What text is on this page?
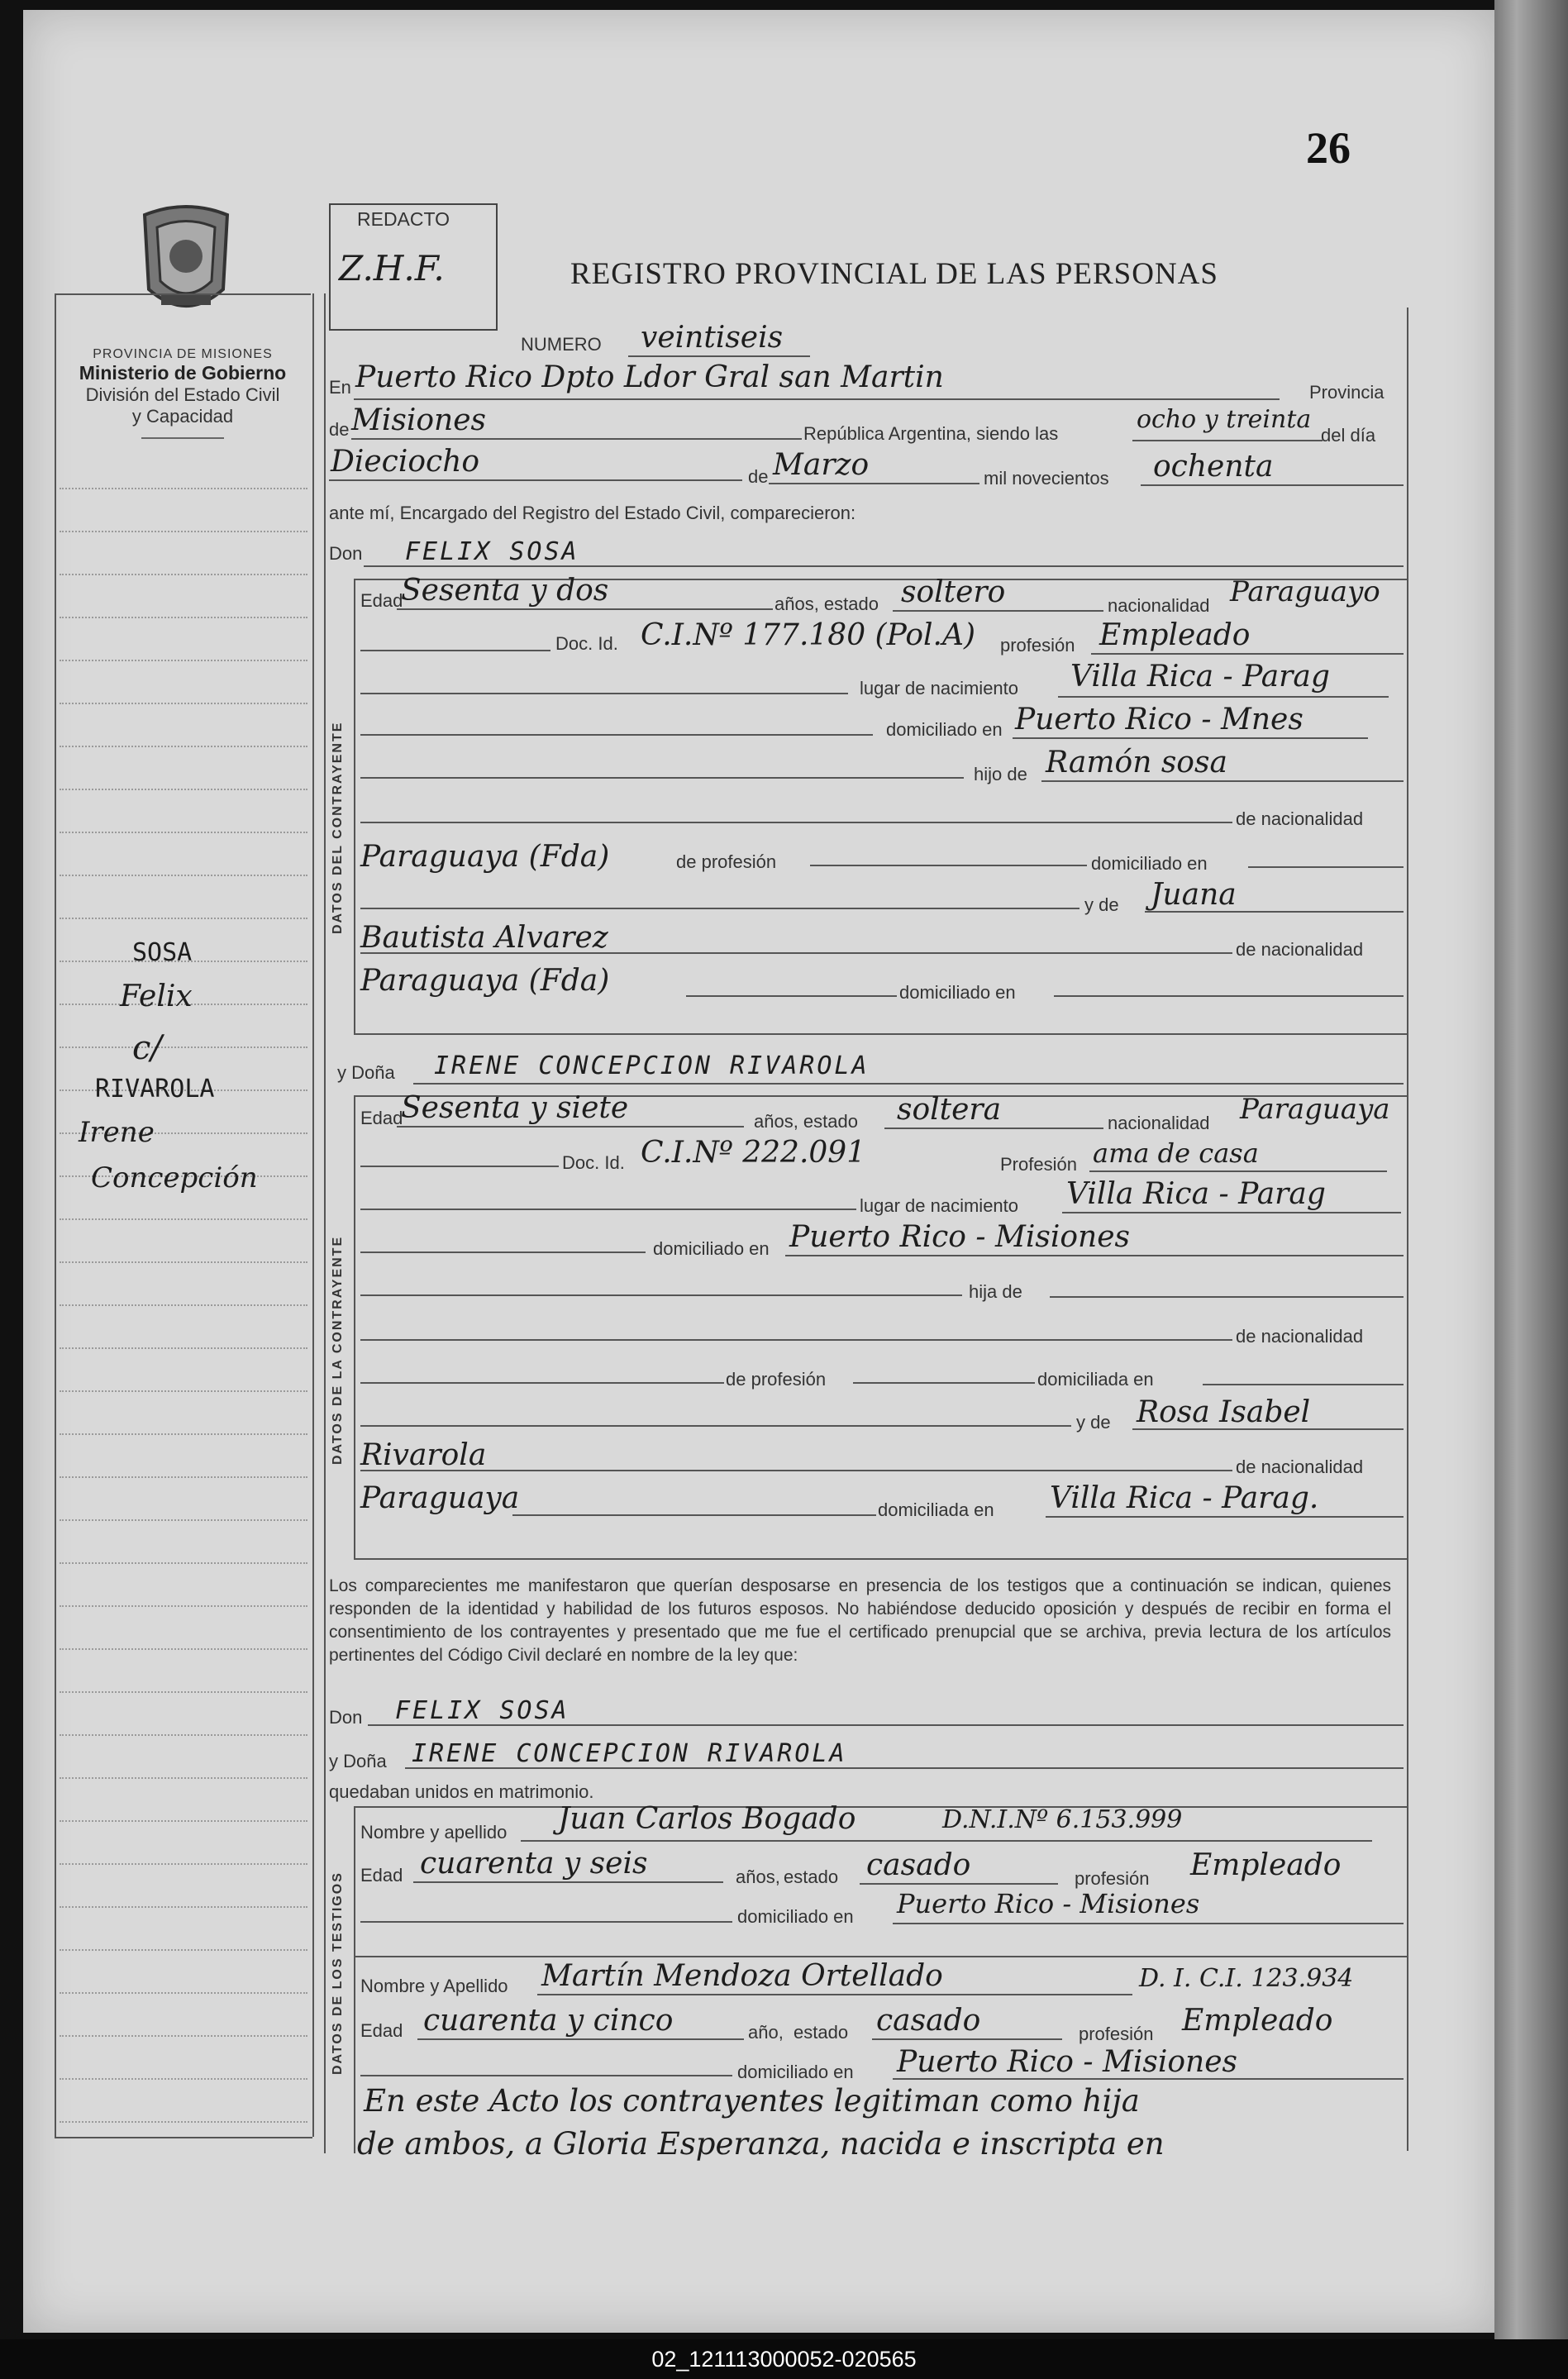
26
PROVINCIA DE MISIONES
Ministerio de Gobierno
División del Estado Civil
y Capacidad
SOSA
Felix
c/
RIVAROLA
Irene
Concepción
REDACTO
Z.H.F.	REGISTRO PROVINCIAL DE LAS PERSONAS
NUMERO veintiseis
En Puerto Rico Dpto Ldor Gral san Martin	Provincia
de Misiones	República Argentina, siendo las	ocho y treinta
del día
Dieciocho	de Marzo	mil novecientos ochenta
ante mí, Encargado del Registro del Estado Civil, comparecieron:
Don FELIX SOSA
DATOS DEL CONTRAYENTE
Edad
Sesenta y dos	años, estado soltero	nacionalidad Paraguayo
Doc. Id. C.I.Nº 177.180 (Pol.A) profesión Empleado
lugar de nacimiento Villa Rica - Parag
domiciliado en Puerto Rico - Mnes
hijo de Ramón sosa
de nacionalidad
Paraguaya (Fda)	de profesión	domiciliado en
y de Juana
Bautista Alvarez	de nacionalidad
Paraguaya (Fda)	domiciliado en
y Doña IRENE CONCEPCION RIVAROLA
DATOS DE LA CONTRAYENTE
Edad
Sesenta y siete	años, estado soltera	nacionalidad Paraguaya
Doc. Id. C.I.Nº 222.091	Profesión ama de casa
lugar de nacimiento Villa Rica - Parag
domiciliado en Puerto Rico - Misiones
hija de
de nacionalidad
de profesión	domiciliada en
y de Rosa Isabel
Rivarola	de nacionalidad
Paraguaya	domiciliada en Villa Rica - Parag.
Los comparecientes me manifestaron que querían desposarse en presencia de los testigos que a continuación se indican, quienes responden de la identidad y habilidad de los futuros esposos. No habiéndose deducido oposición y después de recibir en forma el consentimiento de los contrayentes y presentado que me fue el certificado prenupcial que se archiva, previa lectura de los artículos pertinentes del Código Civil declaré en nombre de la ley que:
Don FELIX SOSA
y Doña IRENE CONCEPCION RIVAROLA
quedaban unidos en matrimonio.
DATOS DE LOS TESTIGOS
Nombre y apellido Juan Carlos Bogado	D.N.I.Nº 6.153.999
Edad cuarenta y seis	años, estado casado	profesión Empleado
domiciliado en Puerto Rico - Misiones
Nombre y Apellido Martín Mendoza Ortellado	D. I. C.I. 123.934
Edad cuarenta y cinco	año, estado casado	profesión Empleado
domiciliado en Puerto Rico - Misiones
En este Acto los contrayentes legitiman como hija
de ambos, a Gloria Esperanza, nacida e inscripta en
02_121113000052-020565
